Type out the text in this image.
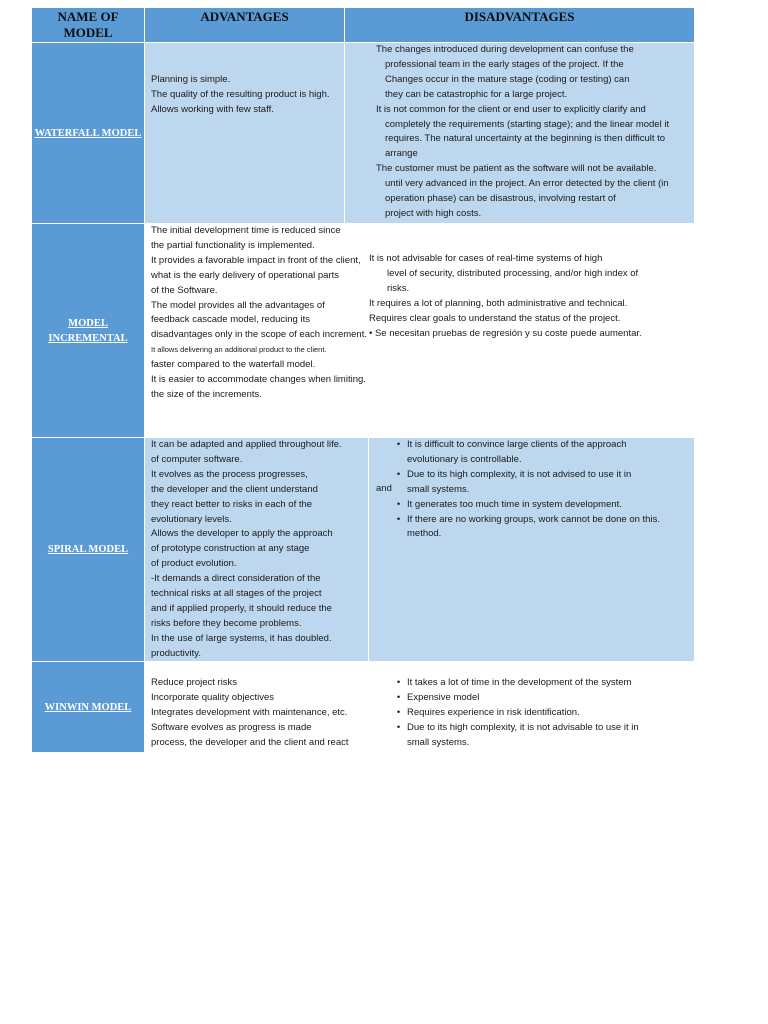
NAME OF
MODEL
ADVANTAGES	DISADVANTAGES
WATERFALL MODEL

Planning is simple.

The quality of the resulting product is high.

Allows working with few staff.

The changes introduced during development can confuse the

professional team in the early stages of the project. If the

Changes occur in the mature stage (coding or testing) can

they can be catastrophic for a large project.

It is not common for the client or end user to explicitly clarify and

completely the requirements (starting stage); and the linear model it

requires. The natural uncertainty at the beginning is then difficult to

arrange

The customer must be patient as the software will not be available.

until very advanced in the project. An error detected by the client (in

operation phase) can be disastrous, involving restart of

project with high costs.

MODEL
INCREMENTAL

The initial development time is reduced since

the partial functionality is implemented.

It provides a favorable impact in front of the client,

what is the early delivery of operational parts

of the Software.

The model provides all the advantages of

feedback cascade model, reducing its

disadvantages only in the scope of each increment.

It allows delivering an additional product to the client.

faster compared to the waterfall model.

It is easier to accommodate changes when limiting.

the size of the increments.

It is not advisable for cases of real-time systems of high

level of security, distributed processing, and/or high index of

risks.

It requires a lot of planning, both administrative and technical.

Requires clear goals to understand the status of the project.

• Se necesitan pruebas de regresión y su coste puede aumentar.

SPIRAL MODEL

It can be adapted and applied throughout life.

of computer software.

It evolves as the process progresses,

the developer and the client understand

they react better to risks in each of the

evolutionary levels.

Allows the developer to apply the approach

of prototype construction at any stage

of product evolution.

-It demands a direct consideration of the

technical risks at all stages of the project

and if applied properly, it should reduce the

risks before they become problems.

In the use of large systems, it has doubled.

productivity.

and
• It is difficult to convince large clients of the approach

evolutionary is controllable.

• Due to its high complexity, it is not advised to use it in

small systems.

• It generates too much time in system development.

• If there are no working groups, work cannot be done on this.

method.

WINWIN MODEL

Reduce project risks

Incorporate quality objectives

Integrates development with maintenance, etc.

Software evolves as progress is made

process, the developer and the client and react

• It takes a lot of time in the development of the system

• Expensive model

• Requires experience in risk identification.

• Due to its high complexity, it is not advisable to use it in

small systems.
